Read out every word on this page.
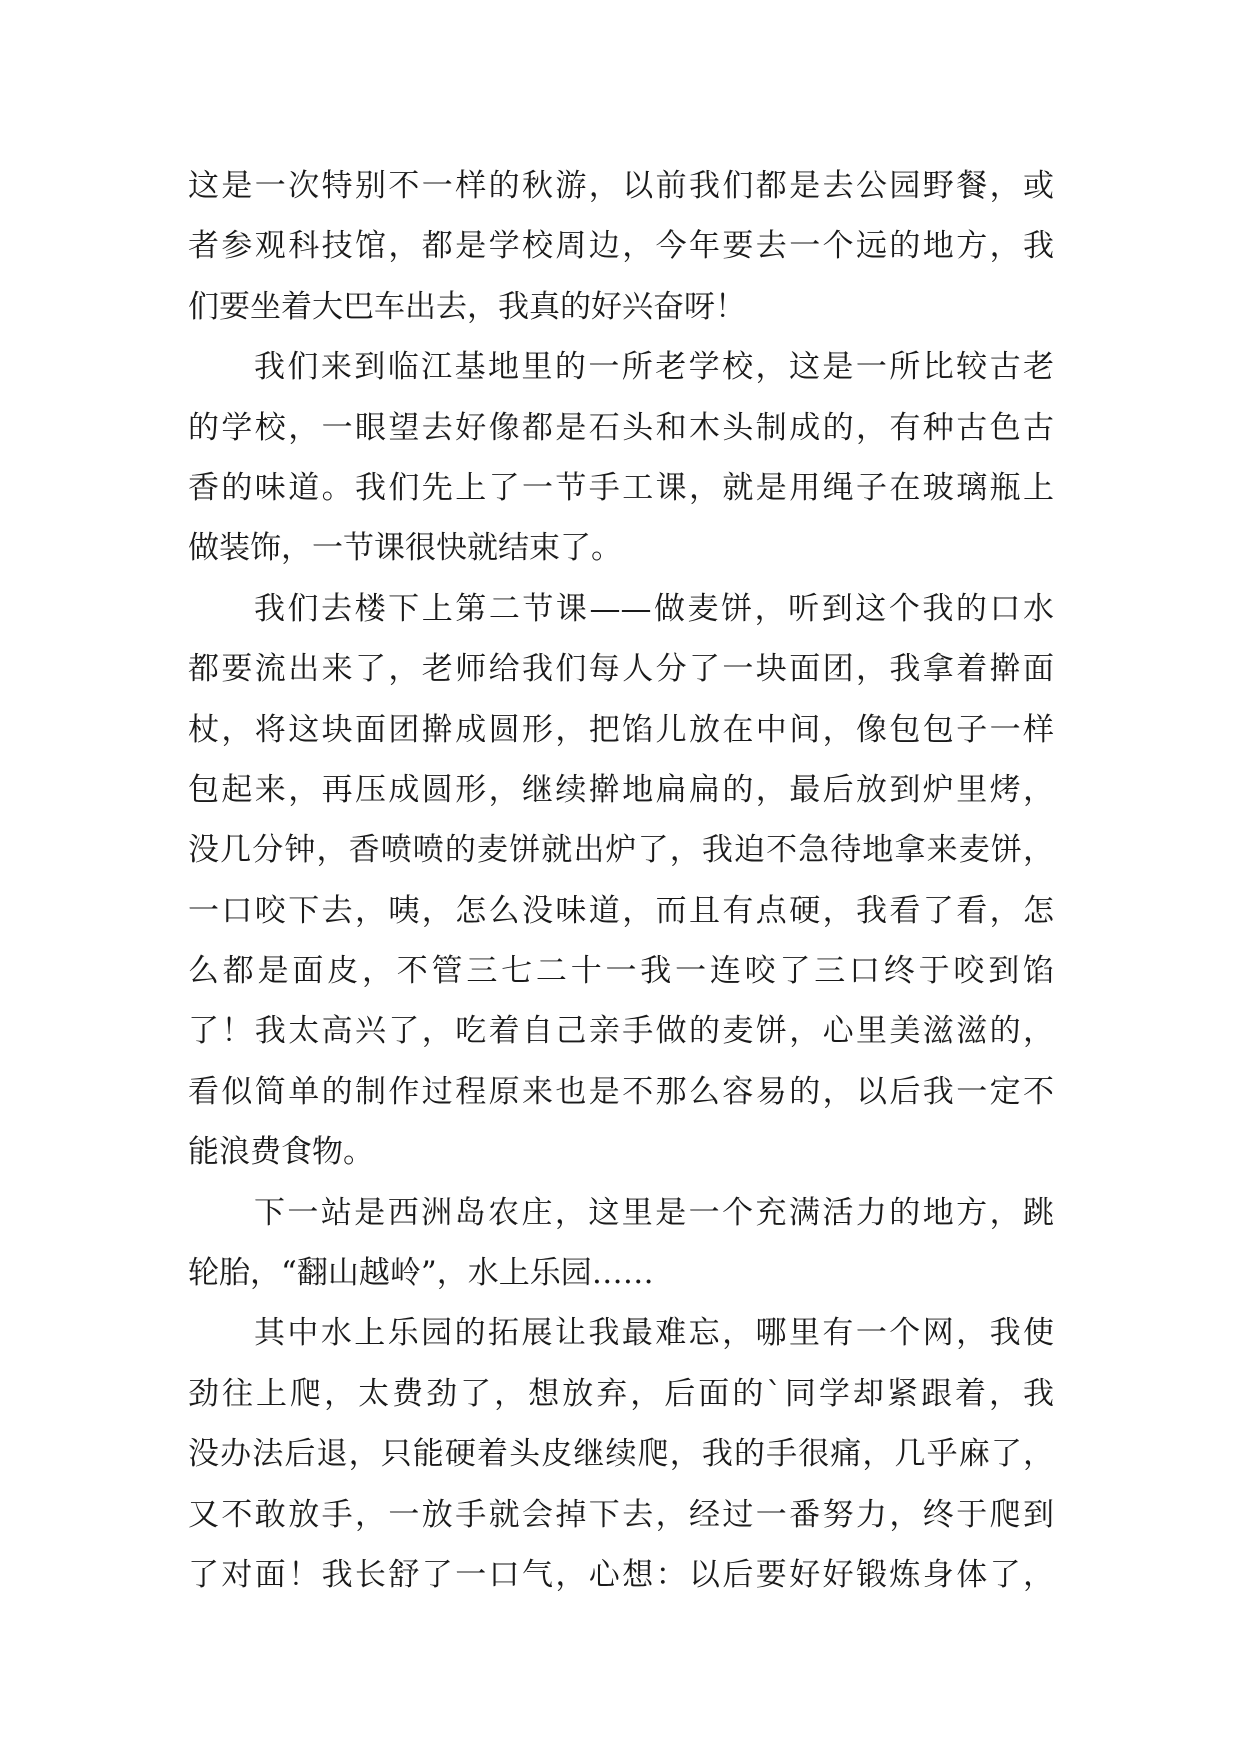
这是一次特别不一样的秋游，以前我们都是去公园野餐，或
者参观科技馆，都是学校周边，今年要去一个远的地方，我
们要坐着大巴车出去，我真的好兴奋呀！
我们来到临江基地里的一所老学校，这是一所比较古老
的学校，一眼望去好像都是石头和木头制成的，有种古色古
香的味道。我们先上了一节手工课，就是用绳子在玻璃瓶上
做装饰，一节课很快就结束了。
我们去楼下上第二节课——做麦饼，听到这个我的口水
都要流出来了，老师给我们每人分了一块面团，我拿着擀面
杖，将这块面团擀成圆形，把馅儿放在中间，像包包子一样
包起来，再压成圆形，继续擀地扁扁的，最后放到炉里烤，
没几分钟，香喷喷的麦饼就出炉了，我迫不急待地拿来麦饼，
一口咬下去，咦，怎么没味道，而且有点硬，我看了看，怎
么都是面皮，不管三七二十一我一连咬了三口终于咬到馅
了！我太高兴了，吃着自己亲手做的麦饼，心里美滋滋的，
看似简单的制作过程原来也是不那么容易的，以后我一定不
能浪费食物。
下一站是西洲岛农庄，这里是一个充满活力的地方，跳
轮胎，“翻山越岭”，水上乐园……
其中水上乐园的拓展让我最难忘，哪里有一个网，我使
劲往上爬，太费劲了，想放弃，后面的`同学却紧跟着，我
没办法后退，只能硬着头皮继续爬，我的手很痛，几乎麻了，
又不敢放手，一放手就会掉下去，经过一番努力，终于爬到
了对面！我长舒了一口气，心想：以后要好好锻炼身体了，
